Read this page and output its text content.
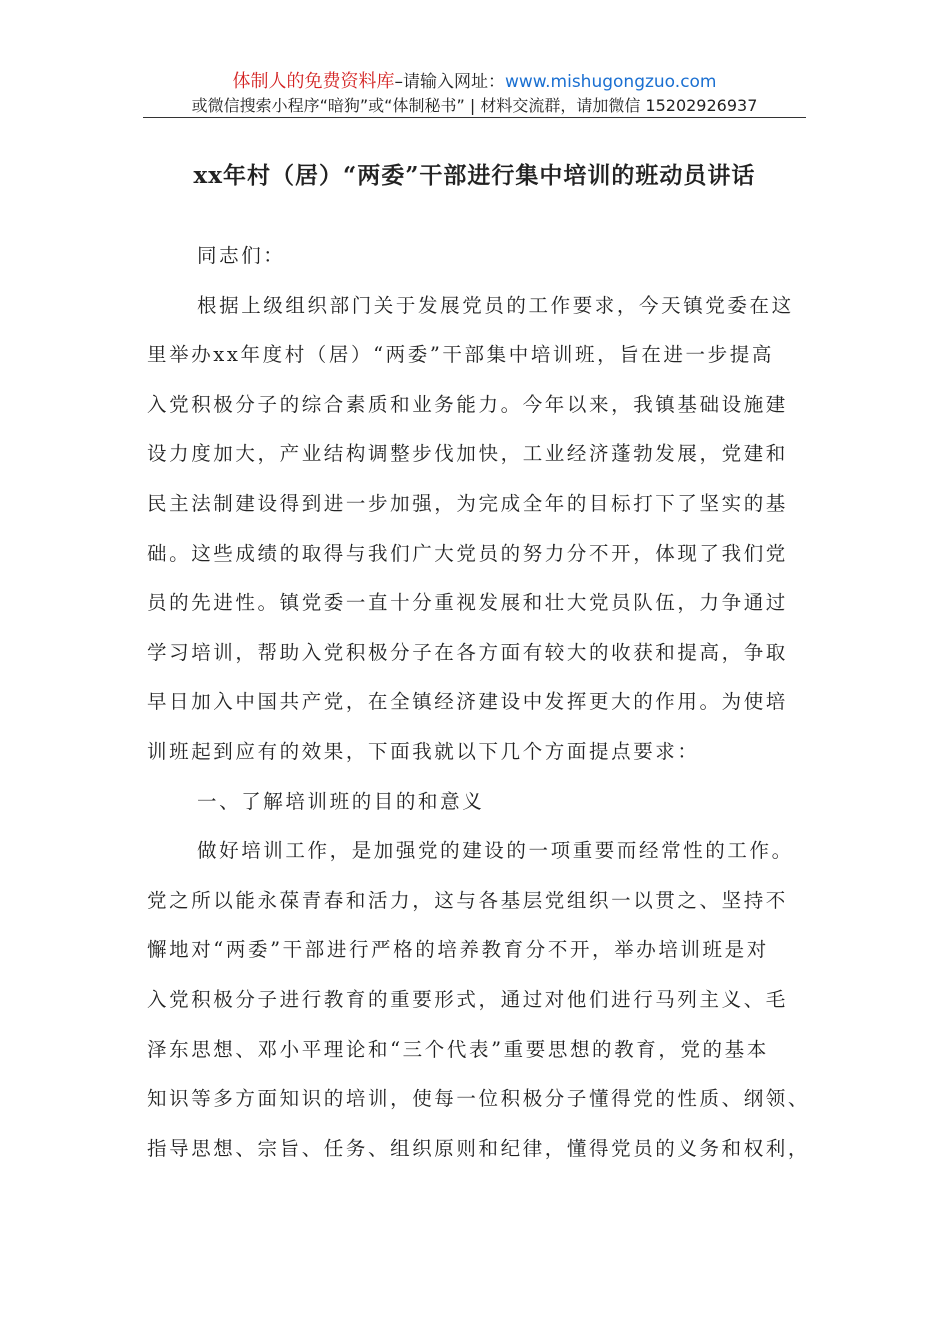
体制人的免费资料库–请输入网址：www.mishugongzuo.com
或微信搜索小程序“暗狗”或“体制秘书” | 材料交流群，请加微信 15202926937
xx年村（居）“两委”干部进行集中培训的班动员讲话
同志们：
根据上级组织部门关于发展党员的工作要求，今天镇党委在这
里举办xx年度村（居）“两委”干部集中培训班，旨在进一步提高
入党积极分子的综合素质和业务能力。今年以来，我镇基础设施建
设力度加大，产业结构调整步伐加快，工业经济蓬勃发展，党建和
民主法制建设得到进一步加强，为完成全年的目标打下了坚实的基
础。这些成绩的取得与我们广大党员的努力分不开，体现了我们党
员的先进性。镇党委一直十分重视发展和壮大党员队伍，力争通过
学习培训，帮助入党积极分子在各方面有较大的收获和提高，争取
早日加入中国共产党，在全镇经济建设中发挥更大的作用。为使培
训班起到应有的效果，下面我就以下几个方面提点要求：
一、了解培训班的目的和意义
做好培训工作，是加强党的建设的一项重要而经常性的工作。
党之所以能永葆青春和活力，这与各基层党组织一以贯之、坚持不
懈地对“两委”干部进行严格的培养教育分不开，举办培训班是对
入党积极分子进行教育的重要形式，通过对他们进行马列主义、毛
泽东思想、邓小平理论和“三个代表”重要思想的教育，党的基本
知识等多方面知识的培训，使每一位积极分子懂得党的性质、纲领、
指导思想、宗旨、任务、组织原则和纪律，懂得党员的义务和权利，
